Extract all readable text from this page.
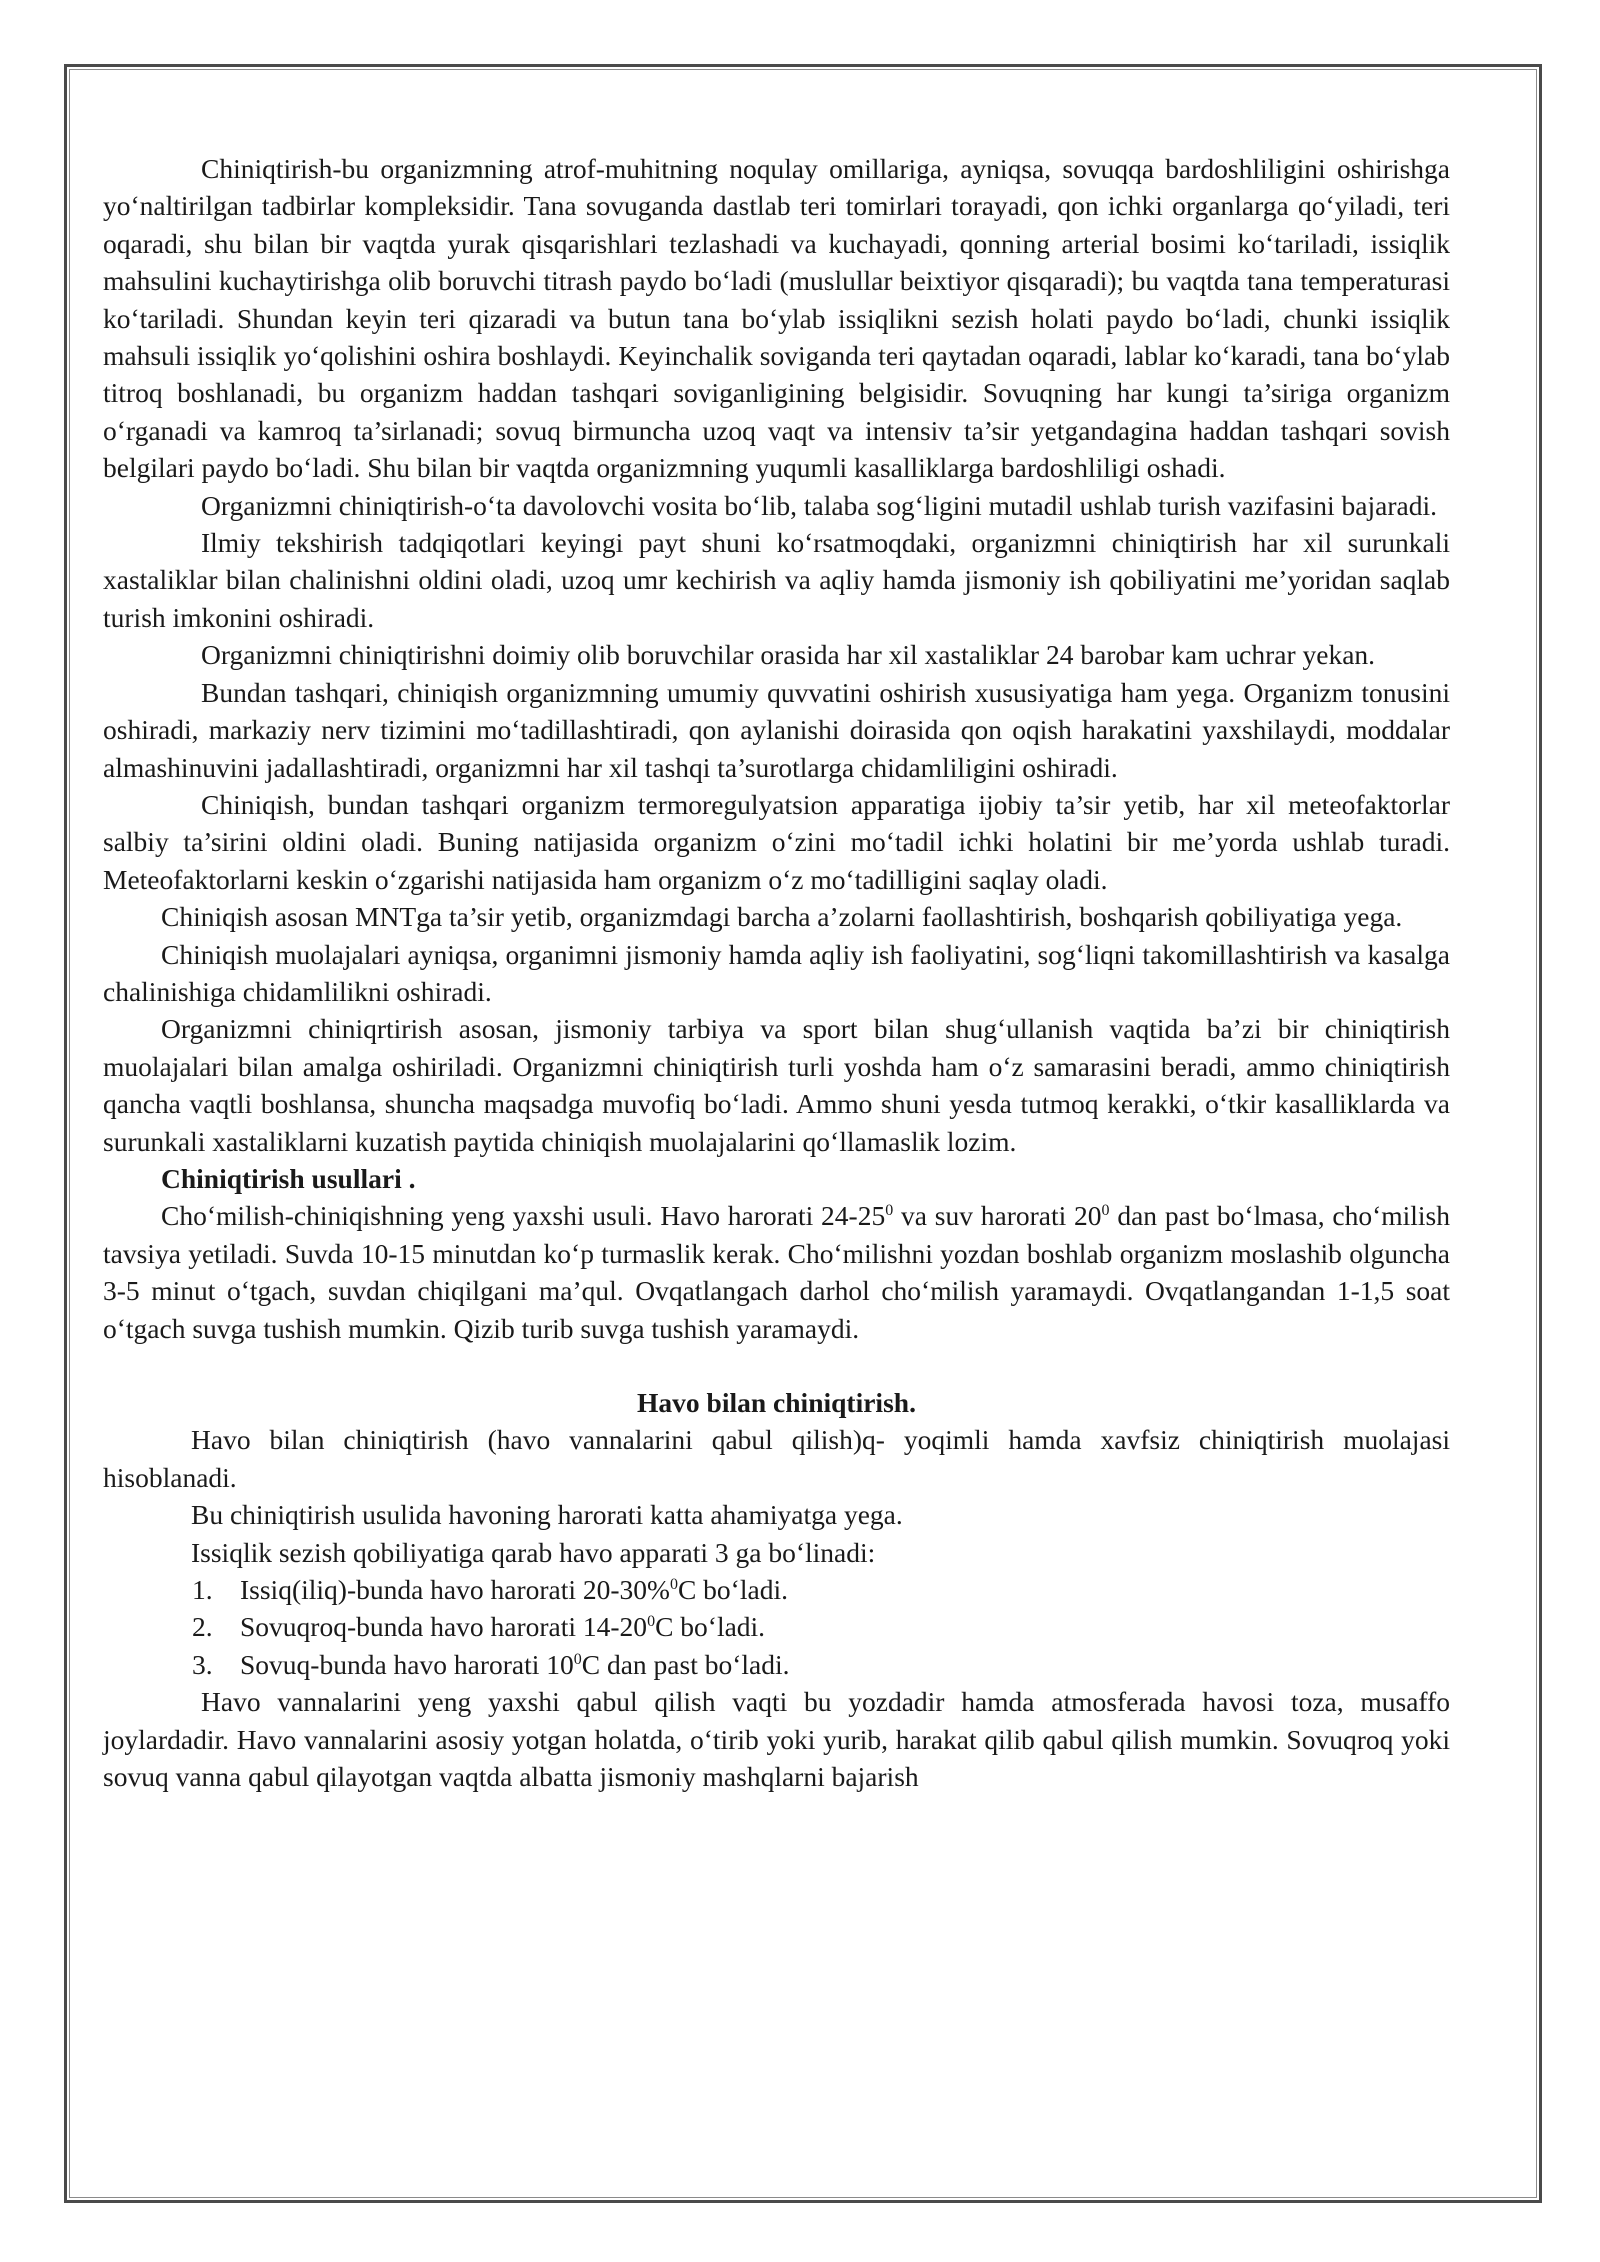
Chiniqtirish-bu organizmning atrof-muhitning noqulay omillariga, ayniqsa, sovuqqa bardoshliligini oshirishga yo‘naltirilgan tadbirlar kompleksidir. Tana sovuganda dastlab teri tomirlari torayadi, qon ichki organlarga qo‘yiladi, teri oqaradi, shu bilan bir vaqtda yurak qisqarishlari tezlashadi va kuchayadi, qonning arterial bosimi ko‘tariladi, issiqlik mahsulini kuchaytirishga olib boruvchi titrash paydo bo‘ladi (muslullar beixtiyor qisqaradi); bu vaqtda tana temperaturasi ko‘tariladi. Shundan keyin teri qizaradi va butun tana bo‘ylab issiqlikni sezish holati paydo bo‘ladi, chunki issiqlik mahsuli issiqlik yo‘qolishini oshira boshlaydi. Keyinchalik soviganda teri qaytadan oqaradi, lablar ko‘karadi, tana bo‘ylab titroq boshlanadi, bu organizm haddan tashqari soviganligining belgisidir. Sovuqning har kungi ta’siriga organizm o‘rganadi va kamroq ta’sirlanadi; sovuq birmuncha uzoq vaqt va intensiv ta’sir yetgandagina haddan tashqari sovish belgilari paydo bo‘ladi. Shu bilan bir vaqtda organizmning yuqumli kasalliklarga bardoshliligi oshadi.

Organizmni chiniqtirish-o‘ta davolovchi vosita bo‘lib, talaba sog‘ligini mutadil ushlab turish vazifasini bajaradi.

Ilmiy tekshirish tadqiqotlari keyingi payt shuni ko‘rsatmoqdaki, organizmni chiniqtirish har xil surunkali xastaliklar bilan chalinishni oldini oladi, uzoq umr kechirish va aqliy hamda jismoniy ish qobiliyatini me’yoridan saqlab turish imkonini oshiradi.

Organizmni chiniqtirishni doimiy olib boruvchilar orasida har xil xastaliklar 24 barobar kam uchrar yekan.

Bundan tashqari, chiniqish organizmning umumiy quvvatini oshirish xususiyatiga ham yega. Organizm tonusini oshiradi, markaziy nerv tizimini mo‘tadillashtiradi, qon aylanishi doirasida qon oqish harakatini yaxshilaydi, moddalar almashinuvini jadallashtiradi, organizmni har xil tashqi ta’surotlarga chidamliligini oshiradi.

Chiniqish, bundan tashqari organizm termoregulyatsion apparatiga ijobiy ta’sir yetib, har xil meteofaktorlar salbiy ta’sirini oldini oladi. Buning natijasida organizm o‘zini mo‘tadil ichki holatini bir me’yorda ushlab turadi. Meteofaktorlarni keskin o‘zgarishi natijasida ham organizm o‘z mo‘tadilligini saqlay oladi.

Chiniqish asosan MNTga ta’sir yetib, organizmdagi barcha a’zolarni faollashtirish, boshqarish qobiliyatiga yega.

Chiniqish muolajalari ayniqsa, organimni jismoniy hamda aqliy ish faoliyatini, sog‘liqni takomillashtirish va kasalga chalinishiga chidamlilikni oshiradi.

Organizmni chiniqrtirish asosan, jismoniy tarbiya va sport bilan shug‘ullanish vaqtida ba’zi bir chiniqtirish muolajalari bilan amalga oshiriladi. Organizmni chiniqtirish turli yoshda ham o‘z samarasini beradi, ammo chiniqtirish qancha vaqtli boshlansa, shuncha maqsadga muvofiq bo‘ladi. Ammo shuni yesda tutmoq kerakki, o‘tkir kasalliklarda va surunkali xastaliklarni kuzatish paytida chiniqish muolajalarini qo‘llamaslik lozim.

Chiniqtirish usullari .

Cho‘milish-chiniqishning yeng yaxshi usuli. Havo harorati $24-25^0$ va suv harorati $20^0$ dan past bo‘lmasa, cho‘milish tavsiya yetiladi. Suvda 10-15 minutdan ko‘p turmaslik kerak. Cho‘milishni yozdan boshlab organizm moslashib olguncha 3-5 minut o‘tgach, suvdan chiqilgani ma’qul. Ovqatlangach darhol cho‘milish yaramaydi. Ovqatlangandan 1-1,5 soat o‘tgach suvga tushish mumkin. Qizib turib suvga tushish yaramaydi.

Havo bilan chiniqtirish.

Havo bilan chiniqtirish (havo vannalarini qabul qilish)q- yoqimli hamda xavfsiz chiniqtirish muolajasi hisoblanadi.

Bu chiniqtirish usulida havoning harorati katta ahamiyatga yega.

Issiqlik sezish qobiliyatiga qarab havo apparati 3 ga bo‘linadi:

1. Issiq(iliq)-bunda havo harorati 20-30%$^0$C bo‘ladi.
2. Sovuqroq-bunda havo harorati $14-20^0C$ bo‘ladi.
3. Sovuq-bunda havo harorati $10^0C$ dan past bo‘ladi.

Havo vannalarini yeng yaxshi qabul qilish vaqti bu yozdadir hamda atmosferada havosi toza, musaffo joylardadir. Havo vannalarini asosiy yotgan holatda, o‘tirib yoki yurib, harakat qilib qabul qilish mumkin. Sovuqroq yoki sovuq vanna qabul qilayotgan vaqtda albatta jismoniy mashqlarni bajarish
